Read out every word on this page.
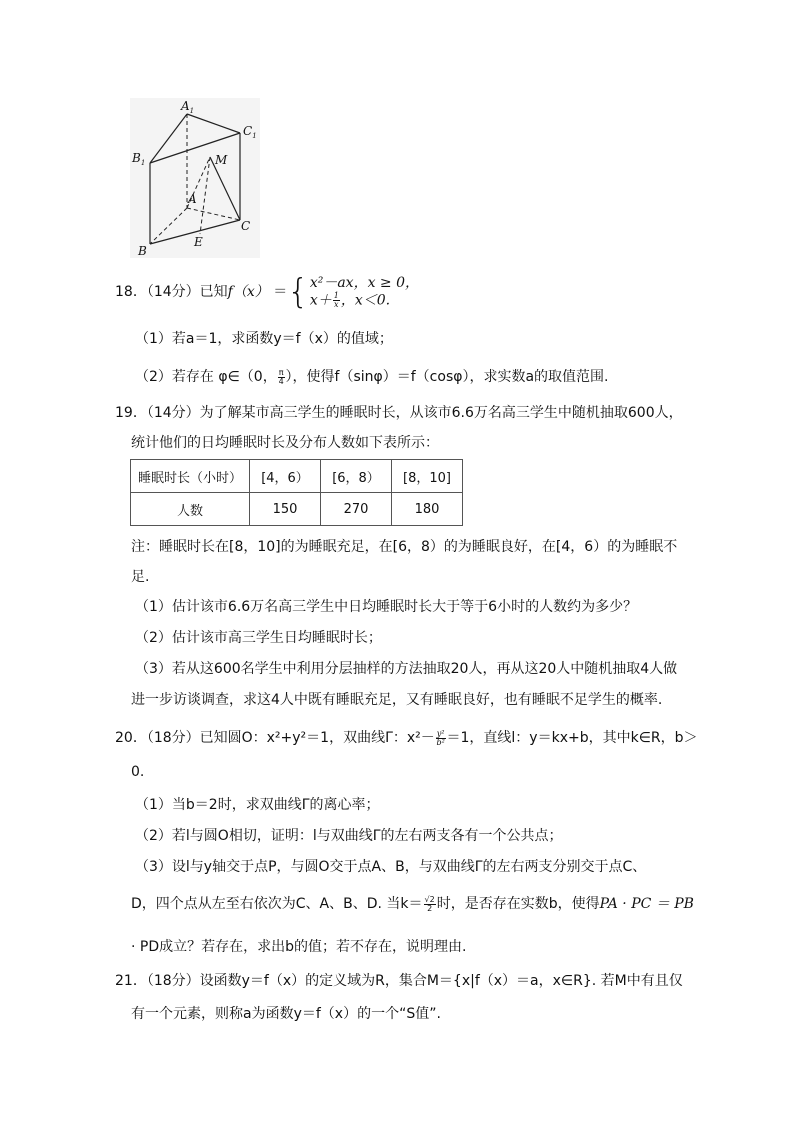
$A_1$
$C_1$
$B_1$	M
A
C
B
E
18．（14分）已知f（x） ＝{ x²－ax，x ≥ 0，
$x+ \frac{1}{x}$ ，x＜0.
（1）若a＝1，求函数y＝f（x）的值域；
（2）若存在 φ∈（0， $\frac{\pi}{4}$ ），使得f（sinφ）＝f（cosφ），求实数a的取值范围.
19．（14分）为了解某市高三学生的睡眠时长，从该市6.6万名高三学生中随机抽取600人，
统计他们的日均睡眠时长及分布人数如下表所示：
睡眠时长（小时）	[4，6）	[6，8）	[8，10]
人数	150	270	180
注：睡眠时长在[8，10]的为睡眠充足，在[6，8）的为睡眠良好，在[4，6）的为睡眠不
足.
（1）估计该市6.6万名高三学生中日均睡眠时长大于等于6小时的人数约为多少？
（2）估计该市高三学生日均睡眠时长；
（3）若从这600名学生中利用分层抽样的方法抽取20人，再从这20人中随机抽取4人做
进一步访谈调查，求这4人中既有睡眠充足，又有睡眠良好，也有睡眠不足学生的概率.
20．（18分）已知圆O：x²+y²＝1，双曲线Γ：$x^2- \frac{\text{y²}}{\text{b²}} =1$，直线l：y＝kx+b，其中k∈R，b＞
0.
（1）当b＝2时，求双曲线Γ的离心率；
（2）若l与圆O相切，证明：l与双曲线Γ的左右两支各有一个公共点；
（3）设l与y轴交于点P，与圆O交于点A、B，与双曲线Γ的左右两支分别交于点C、
D，四个点从左至右依次为C、A、B、D. 当$k= \frac{√2}{2}$ 时，是否存在实数b，使得PA · PC ＝ PB
· PD成立？若存在，求出b的值；若不存在，说明理由.
21．（18分）设函数y＝f（x）的定义域为R，集合M＝{x|f（x）＝a，x∈R}. 若M中有且仅
有一个元素，则称a为函数y＝f（x）的一个“S值”.
